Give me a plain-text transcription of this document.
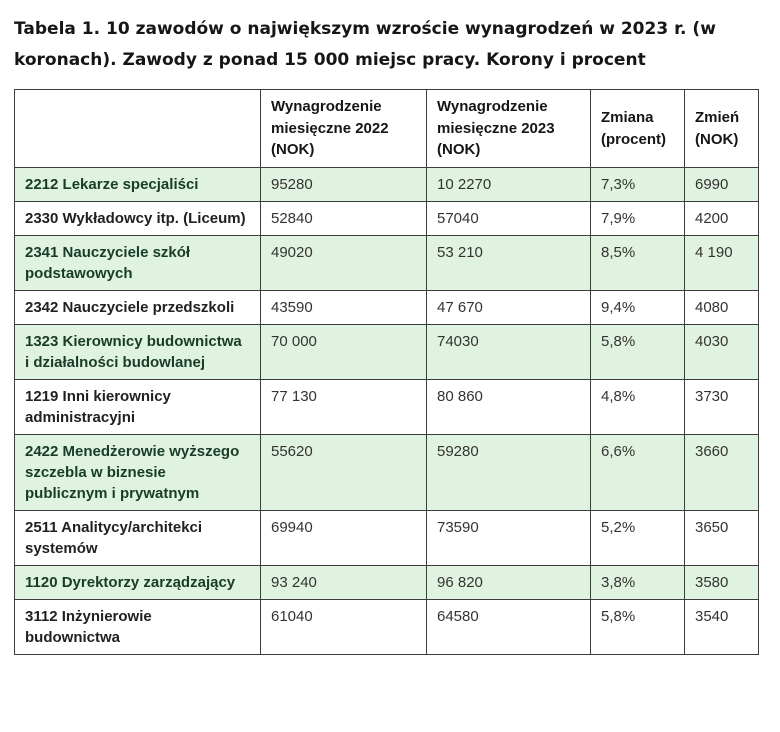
Tabela 1. 10 zawodów o największym wzroście wynagrodzeń w 2023 r. (w koronach). Zawody z ponad 15 000 miejsc pracy. Korony i procent
	Wynagrodzenie miesięczne 2022 (NOK)	Wynagrodzenie miesięczne 2023 (NOK)	Zmiana (procent)	Zmień (NOK)
2212 Lekarze specjaliści	95280	10 2270	7,3%	6990
2330 Wykładowcy itp. (Liceum)	52840	57040	7,9%	4200
2341 Nauczyciele szkół podstawowych	49020	53 210	8,5%	4 190
2342 Nauczyciele przedszkoli	43590	47 670	9,4%	4080
1323 Kierownicy budownictwa i działalności budowlanej	70 000	74030	5,8%	4030
1219 Inni kierownicy administracyjni	77 130	80 860	4,8%	3730
2422 Menedżerowie wyższego szczebla w biznesie publicznym i prywatnym	55620	59280	6,6%	3660
2511 Analitycy/architekci systemów	69940	73590	5,2%	3650
1120 Dyrektorzy zarządzający	93 240	96 820	3,8%	3580
3112 Inżynierowie budownictwa	61040	64580	5,8%	3540
